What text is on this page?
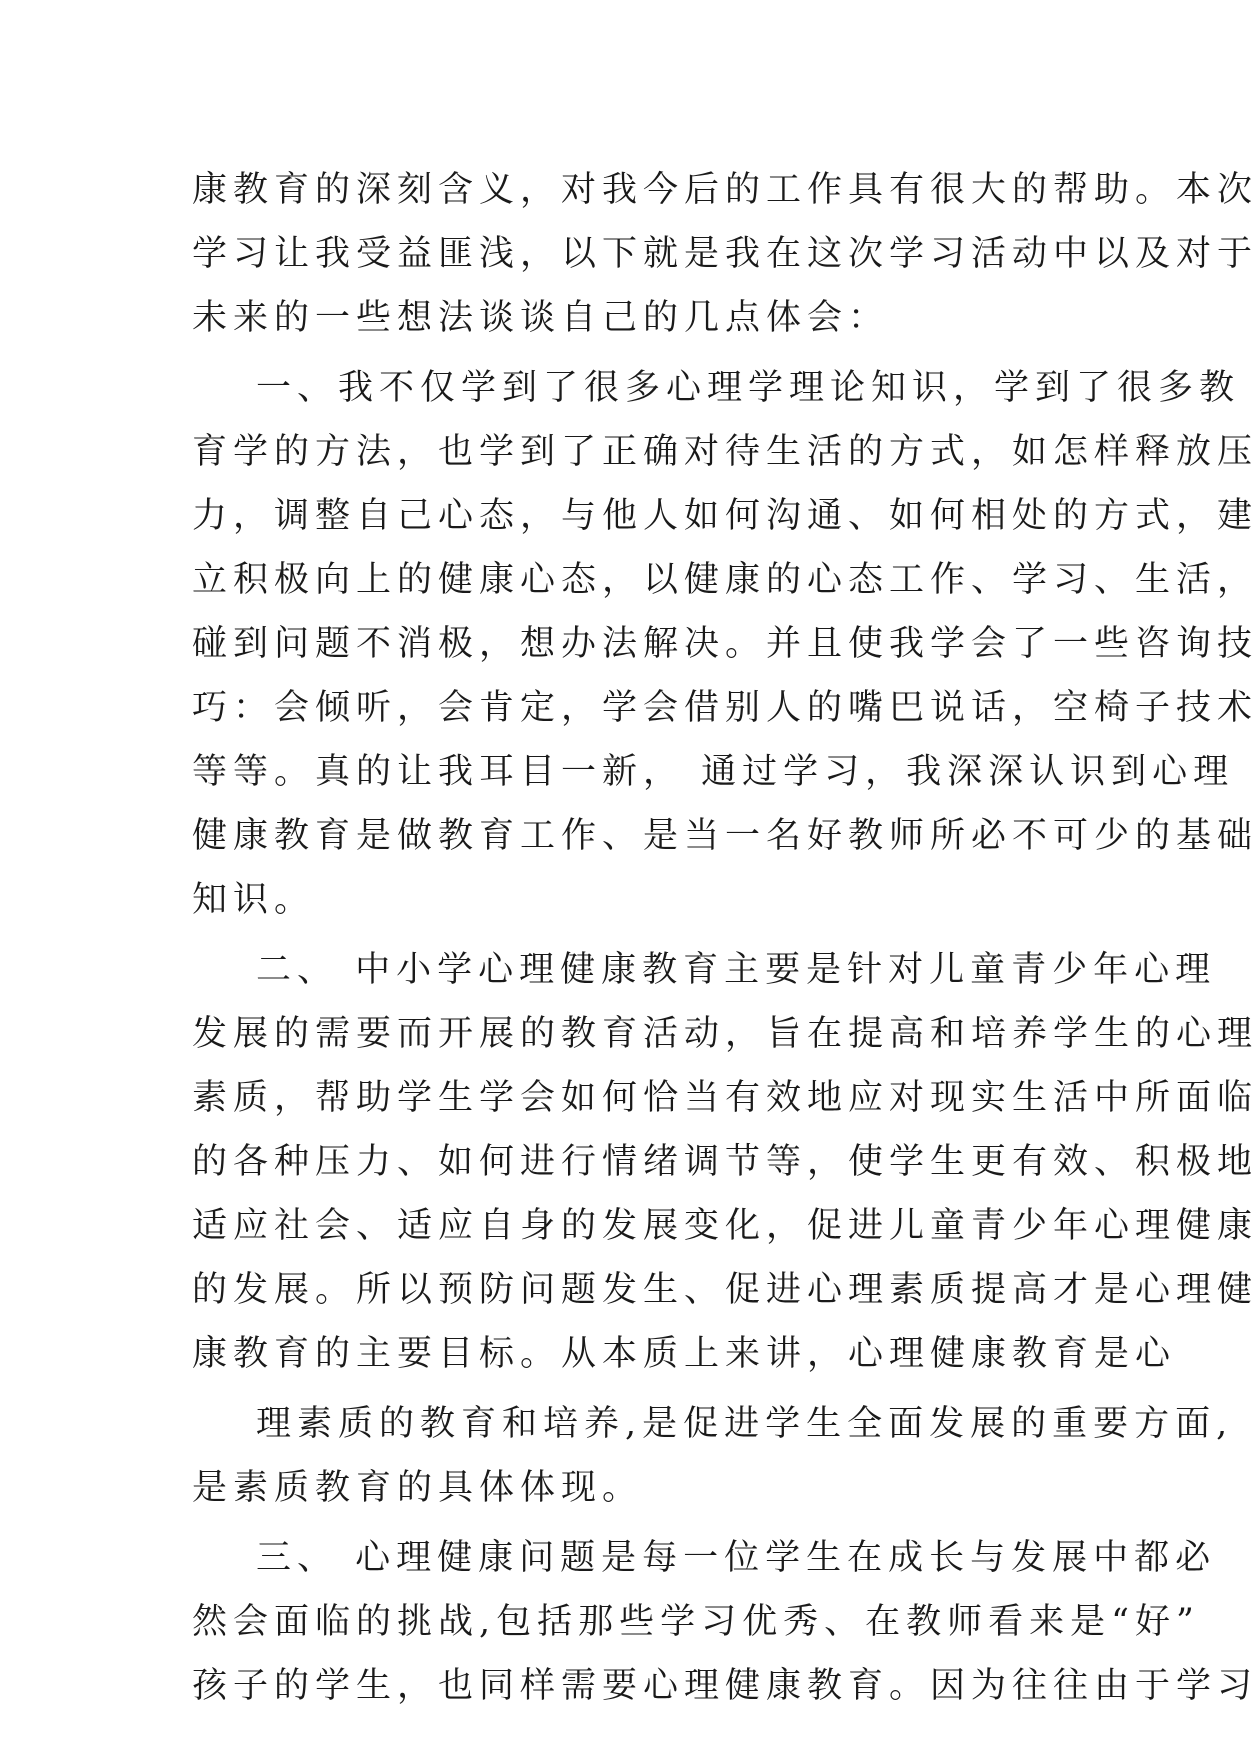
康教育的深刻含义，对我今后的工作具有很大的帮助。本次
学习让我受益匪浅，以下就是我在这次学习活动中以及对于
未来的一些想法谈谈自己的几点体会：
一、我不仅学到了很多心理学理论知识，学到了很多教
育学的方法，也学到了正确对待生活的方式，如怎样释放压
力，调整自己心态，与他人如何沟通、如何相处的方式，建
立积极向上的健康心态，以健康的心态工作、学习、生活，
碰到问题不消极，想办法解决。并且使我学会了一些咨询技
巧：会倾听，会肯定，学会借别人的嘴巴说话，空椅子技术
等等。真的让我耳目一新， 通过学习，我深深认识到心理
健康教育是做教育工作、是当一名好教师所必不可少的基础
知识。
二、 中小学心理健康教育主要是针对儿童青少年心理
发展的需要而开展的教育活动，旨在提高和培养学生的心理
素质，帮助学生学会如何恰当有效地应对现实生活中所面临
的各种压力、如何进行情绪调节等，使学生更有效、积极地
适应社会、适应自身的发展变化，促进儿童青少年心理健康
的发展。所以预防问题发生、促进心理素质提高才是心理健
康教育的主要目标。从本质上来讲，心理健康教育是心
理素质的教育和培养,是促进学生全面发展的重要方面,
是素质教育的具体体现。
三、 心理健康问题是每一位学生在成长与发展中都必
然会面临的挑战,包括那些学习优秀、在教师看来是“好”
孩子的学生，也同样需要心理健康教育。因为往往由于学习
